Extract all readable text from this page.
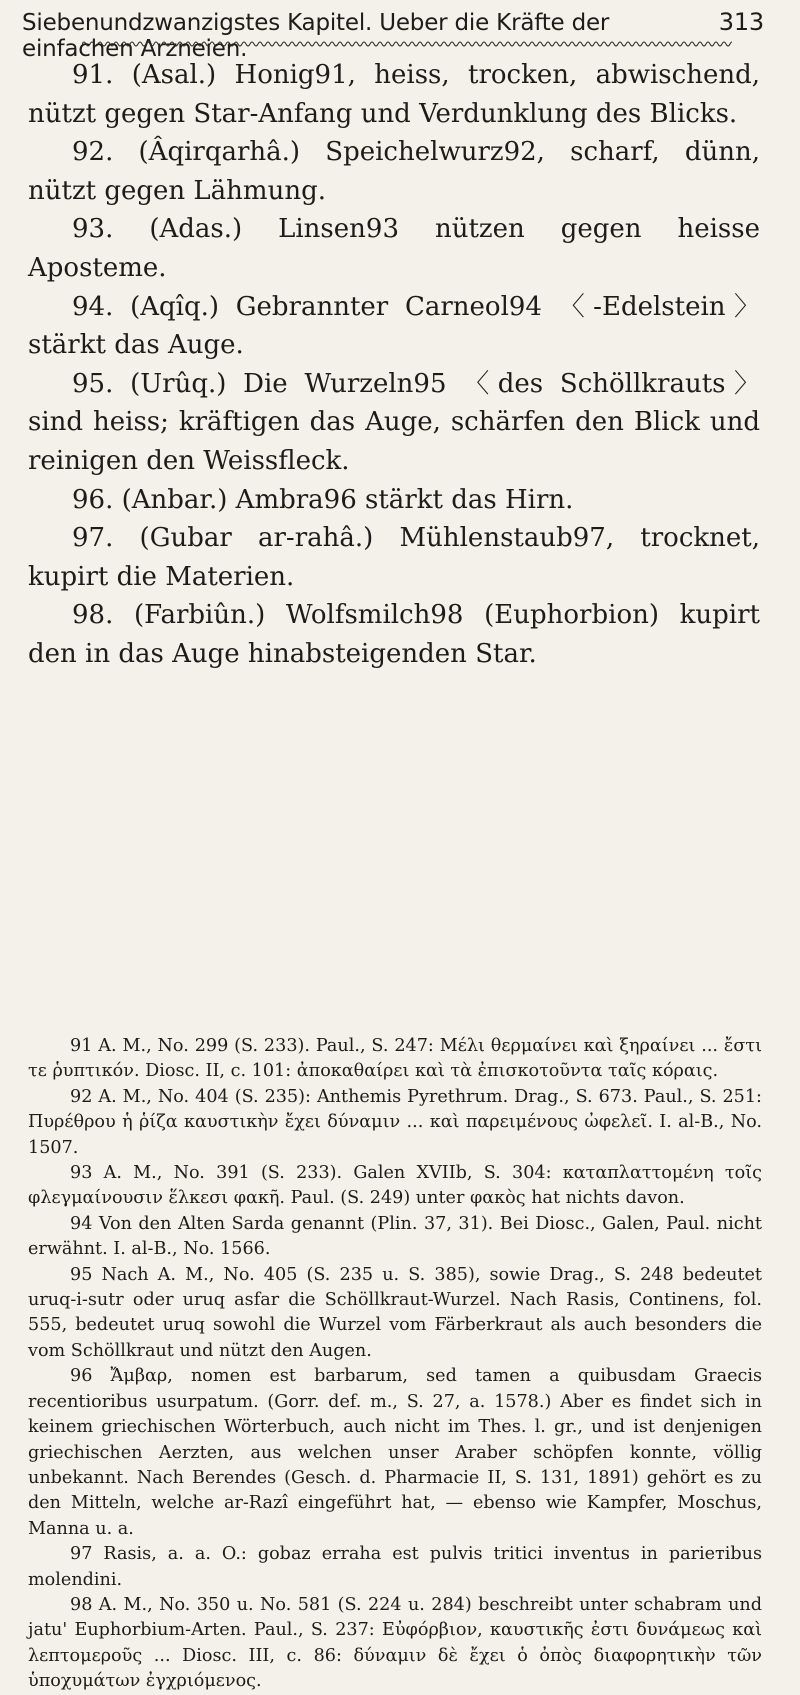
Siebenundzwanzigstes Kapitel. Ueber die Kräfte der einfachen Arzneien.
313

91. (Asal.) Honig91, heiss, trocken, abwischend, nützt gegen Star-Anfang und Verdunklung des Blicks.

92. (Âqirqarhâ.) Speichelwurz92, scharf, dünn, nützt gegen Lähmung.

93. (Adas.) Linsen93 nützen gegen heisse Aposteme.

94. (Aqîq.) Gebrannter Carneol94 〈-Edelstein〉 stärkt das Auge.

95. (Urûq.) Die Wurzeln95 〈des Schöllkrauts〉 sind heiss; kräftigen das Auge, schärfen den Blick und reinigen den Weissfleck.

96. (Anbar.) Ambra96 stärkt das Hirn.

97. (Gubar ar-rahâ.) Mühlenstaub97, trocknet, kupirt die Materien.

98. (Farbiûn.) Wolfsmilch98 (Euphorbion) kupirt den in das Auge hinabsteigenden Star.

91 A. M., No. 299 (S. 233). Paul., S. 247: Μέλι θερμαίνει καὶ ξηραίνει ... ἔστι τε ῥυπτικόν. Diosc. II, c. 101: ἀποκαθαίρει καὶ τὰ ἐπισκοτοῦντα ταῖς κόραις.

92 A. M., No. 404 (S. 235): Anthemis Pyrethrum. Drag., S. 673. Paul., S. 251: Πυρέθρου ἡ ῥίζα καυστικὴν ἔχει δύναμιν ... καὶ παρειμένους ὠφελεῖ. I. al-B., No. 1507.

93 A. M., No. 391 (S. 233). Galen XVIIb, S. 304: καταπλαττομένη τοῖς φλεγμαίνουσιν ἕλκεσι φακῆ. Paul. (S. 249) unter φακὸς hat nichts davon.

94 Von den Alten Sarda genannt (Plin. 37, 31). Bei Diosc., Galen, Paul. nicht erwähnt. I. al-B., No. 1566.

95 Nach A. M., No. 405 (S. 235 u. S. 385), sowie Drag., S. 248 bedeutet uruq-i-sutr oder uruq asfar die Schöllkraut-Wurzel. Nach Rasis, Continens, fol. 555, bedeutet uruq sowohl die Wurzel vom Färberkraut als auch besonders die vom Schöllkraut und nützt den Augen.

96 Ἄμβαρ, nomen est barbarum, sed tamen a quibusdam Graecis recentioribus usurpatum. (Gorr. def. m., S. 27, a. 1578.) Aber es findet sich in keinem griechischen Wörterbuch, auch nicht im Thes. l. gr., und ist denjenigen griechischen Aerzten, aus welchen unser Araber schöpfen konnte, völlig unbekannt. Nach Berendes (Gesch. d. Pharmacie II, S. 131, 1891) gehört es zu den Mitteln, welche ar-Razî eingeführt hat, — ebenso wie Kampfer, Moschus, Manna u. a.

97 Rasis, a. a. O.: gobaz erraha est pulvis tritici inventus in pariетibus molendini.

98 A. M., No. 350 u. No. 581 (S. 224 u. 284) beschreibt unter schabram und jatu' Euphorbium-Arten. Paul., S. 237: Εὐφόρβιον, καυστικῆς ἐστι δυνάμεως καὶ λεπτομεροῦς ... Diosc. III, c. 86: δύναμιν δὲ ἔχει ὁ ὀπὸς διαφορητικὴν τῶν ὑποχυμάτων ἐγχριόμενος.
